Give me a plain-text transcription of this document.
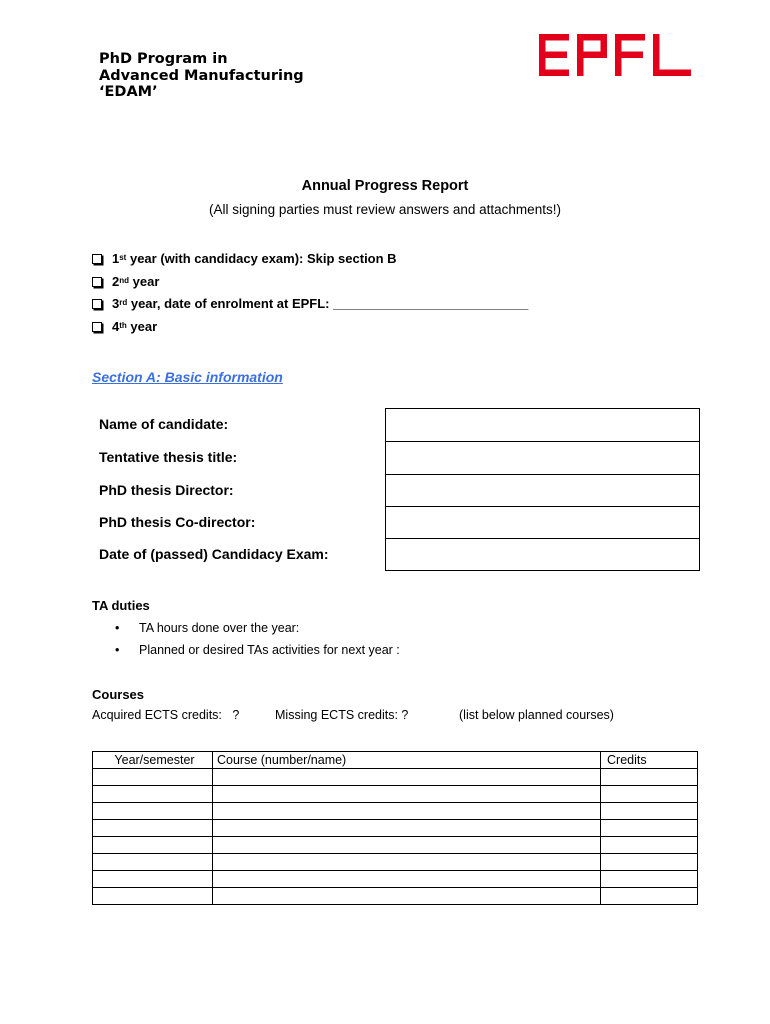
PhD Program in
Advanced Manufacturing
‘EDAM’
Annual Progress Report
(All signing parties must review answers and attachments!)
1st year (with candidacy exam): Skip section B
2nd year
3rd year, date of enrolment at EPFL: ___________________________
4th year
Section A: Basic information
Name of candidate:
Tentative thesis title:
PhD thesis Director:
PhD thesis Co-director:
Date of (passed) Candidacy Exam:
TA duties
• TA hours done over the year:
• Planned or desired TAs activities for next year :
Courses
Acquired ECTS credits:   ?	Missing ECTS credits: ?	(list below planned courses)
Year/semester	Course (number/name)	Credits
